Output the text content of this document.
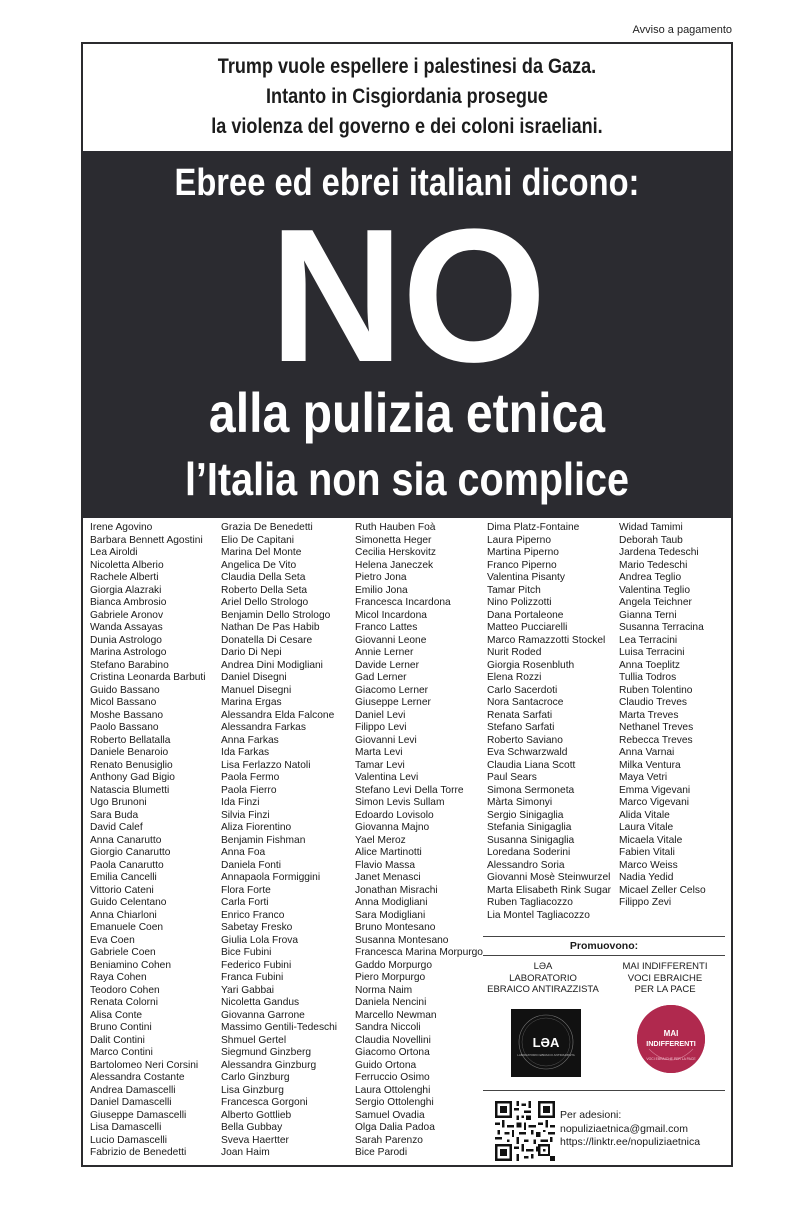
Avviso a pagamento
Trump vuole espellere i palestinesi da Gaza.
Intanto in Cisgiordania prosegue
la violenza del governo e dei coloni israeliani.
Ebree ed ebrei italiani dicono:
NO
alla pulizia etnica
l’Italia non sia complice
Irene Agovino
Barbara Bennett Agostini
Lea Airoldi
Nicoletta Alberio
Rachele Alberti
Giorgia Alazraki
Bianca Ambrosio
Gabriele Aronov
Wanda Assayas
Dunia Astrologo
Marina Astrologo
Stefano Barabino
Cristina Leonarda Barbuti
Guido Bassano
Micol Bassano
Moshe Bassano
Paolo Bassano
Roberto Bellatalla
Daniele Benaroio
Renato Benusiglio
Anthony Gad Bigio
Natascia Blumetti
Ugo Brunoni
Sara Buda
David Calef
Anna Canarutto
Giorgio Canarutto
Paola Canarutto
Emilia Cancelli
Vittorio Cateni
Guido Celentano
Anna Chiarloni
Emanuele Coen
Eva Coen
Gabriele Coen
Beniamino Cohen
Raya Cohen
Teodoro Cohen
Renata Colorni
Alisa Conte
Bruno Contini
Dalit Contini
Marco Contini
Bartolomeo Neri Corsini
Alessandra Costante
Andrea Damascelli
Daniel Damascelli
Giuseppe Damascelli
Lisa Damascelli
Lucio Damascelli
Fabrizio de Benedetti
Grazia De Benedetti
Elio De Capitani
Marina Del Monte
Angelica De Vito
Claudia Della Seta
Roberto Della Seta
Ariel Dello Strologo
Benjamin Dello Strologo
Nathan De Pas Habib
Donatella Di Cesare
Dario Di Nepi
Andrea Dini Modigliani
Daniel Disegni
Manuel Disegni
Marina Ergas
Alessandra Elda Falcone
Alessandra Farkas
Anna Farkas
Ida Farkas
Lisa Ferlazzo Natoli
Paola Fermo
Paola Fierro
Ida Finzi
Silvia Finzi
Aliza Fiorentino
Benjamin Fishman
Anna Foa
Daniela Fonti
Annapaola Formiggini
Flora Forte
Carla Forti
Enrico Franco
Sabetay Fresko
Giulia Lola Frova
Bice Fubini
Federico Fubini
Franca Fubini
Yari Gabbai
Nicoletta Gandus
Giovanna Garrone
Massimo Gentili-Tedeschi
Shmuel Gertel
Siegmund Ginzberg
Alessandra Ginzburg
Carlo Ginzburg
Lisa Ginzburg
Francesca Gorgoni
Alberto Gottlieb
Bella Gubbay
Sveva Haertter
Joan Haim
Ruth Hauben Foà
Simonetta Heger
Cecilia Herskovitz
Helena Janeczek
Pietro Jona
Emilio Jona
Francesca Incardona
Micol Incardona
Franco Lattes
Giovanni Leone
Annie Lerner
Davide Lerner
Gad Lerner
Giacomo Lerner
Giuseppe Lerner
Daniel Levi
Filippo Levi
Giovanni Levi
Marta Levi
Tamar Levi
Valentina Levi
Stefano Levi Della Torre
Simon Levis Sullam
Edoardo Lovisolo
Giovanna Majno
Yael Meroz
Alice Martinotti
Flavio Massa
Janet Menasci
Jonathan Misrachi
Anna Modigliani
Sara Modigliani
Bruno Montesano
Susanna Montesano
Francesca Marina Morpurgo
Gaddo Morpurgo
Piero Morpurgo
Norma Naim
Daniela Nencini
Marcello Newman
Sandra Niccoli
Claudia Novellini
Giacomo Ortona
Guido Ortona
Ferruccio Osimo
Laura Ottolenghi
Sergio Ottolenghi
Samuel Ovadia
Olga Dalia Padoa
Sarah Parenzo
Bice Parodi
Dima Platz-Fontaine
Laura Piperno
Martina Piperno
Franco Piperno
Valentina Pisanty
Tamar Pitch
Nino Polizzotti
Dana Portaleone
Matteo Pucciarelli
Marco Ramazzotti Stockel
Nurit Roded
Giorgia Rosenbluth
Elena Rozzi
Carlo Sacerdoti
Nora Santacroce
Renata Sarfati
Stefano Sarfati
Roberto Saviano
Eva Schwarzwald
Claudia Liana Scott
Paul Sears
Simona Sermoneta
Màrta Simonyi
Sergio Sinigaglia
Stefania Sinigaglia
Susanna Sinigaglia
Loredana Soderini
Alessandro Soria
Giovanni Mosè Steinwurzel
Marta Elisabeth Rink Sugar
Ruben Tagliacozzo
Lia Montel Tagliacozzo
Widad Tamimi
Deborah Taub
Jardena Tedeschi
Mario Tedeschi
Andrea Teglio
Valentina Teglio
Angela Teichner
Gianna Terni
Susanna Terracina
Lea Terracini
Luisa Terracini
Anna Toeplitz
Tullia Todros
Ruben Tolentino
Claudio Treves
Marta Treves
Nethanel Treves
Rebecca Treves
Anna Varnai
Milka Ventura
Maya Vetri
Emma Vigevani
Marco Vigevani
Alida Vitale
Laura Vitale
Micaela Vitale
Fabien Vitali
Marco Weiss
Nadia Yedid
Micael Zeller Celso
Filippo Zevi
Promuovono:
LƏA
LABORATORIO
EBRAICO ANTIRAZZISTA
LƏA
LABORATORIO EBRAICO ANTIRAZZISTA
MAI INDIFFERENTI
VOCI EBRAICHE
PER LA PACE
MAI
INDIFFERENTI
VOCI EBRAICHE PER LA PACE
Per adesioni:
nopuliziaetnica@gmail.com
https://linktr.ee/nopuliziaetnica
